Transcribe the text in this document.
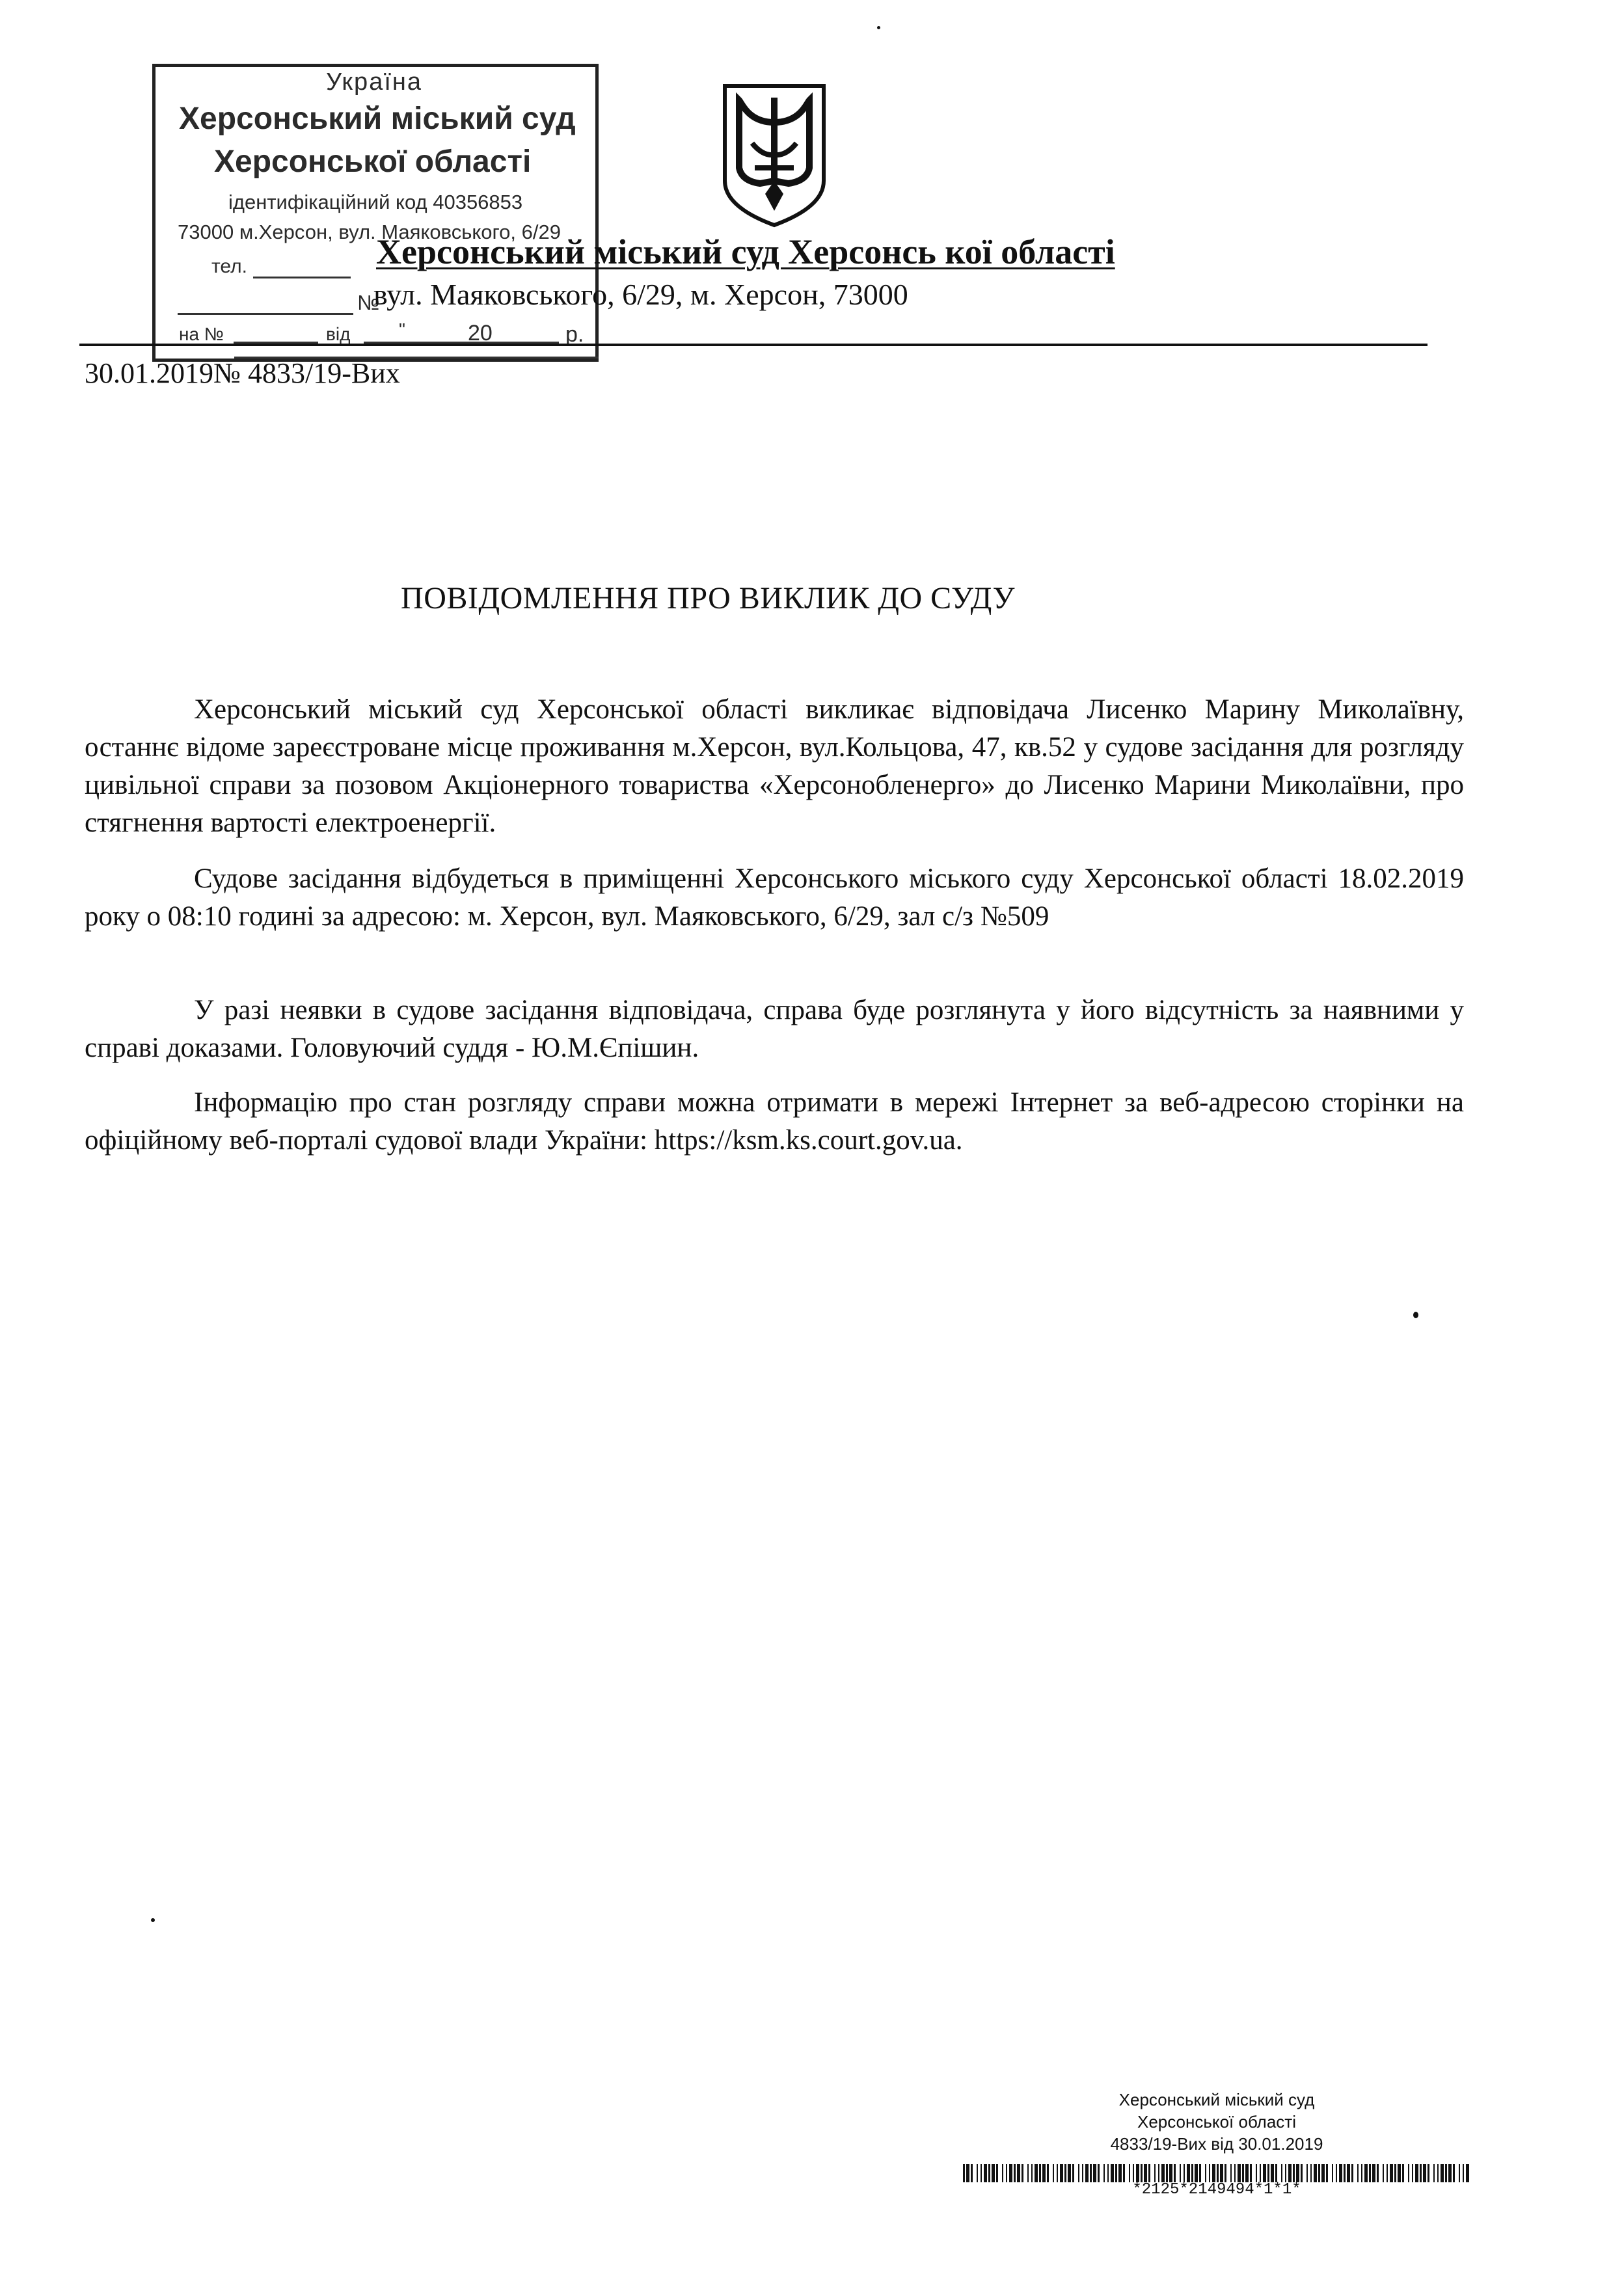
Україна
Херсонський міський суд
Херсонської області
ідентифікаційний код 40356853
73000 м.Херсон, вул. Маяковського, 6/29
тел.
№
на №	від	"	20	р.
Херсонський міський суд Херсонсь кої області
вул. Маяковського, 6/29, м. Херсон, 73000
30.01.2019№ 4833/19-Вих
ПОВІДОМЛЕННЯ ПРО ВИКЛИК ДО СУДУ

Херсонський міський суд Херсонської області викликає відповідача Лисенко Марину Миколаївну, останнє відоме зареєстроване місце проживання м.Херсон, вул.Кольцова, 47, кв.52 у судове засідання для розгляду цивільної справи за позовом Акціонерного товариства «Херсонобленерго» до Лисенко Марини Миколаївни, про стягнення вартості електроенергії.

Судове засідання відбудеться в приміщенні Херсонського міського суду Херсонської області 18.02.2019 року о 08:10 годині за адресою: м. Херсон, вул. Маяковського, 6/29, зал с/з №509

У разі неявки в судове засідання відповідача, справа буде розглянута у його відсутність за наявними у справі доказами. Головуючий суддя - Ю.М.Єпішин.

Інформацію про стан розгляду справи можна отримати в мережі Інтернет за веб-адресою сторінки на офіційному веб-порталі судової влади України: https://ksm.ks.court.gov.ua.

Херсонський міський суд
Херсонської області
4833/19-Вих від 30.01.2019
*2125*2149494*1*1*
